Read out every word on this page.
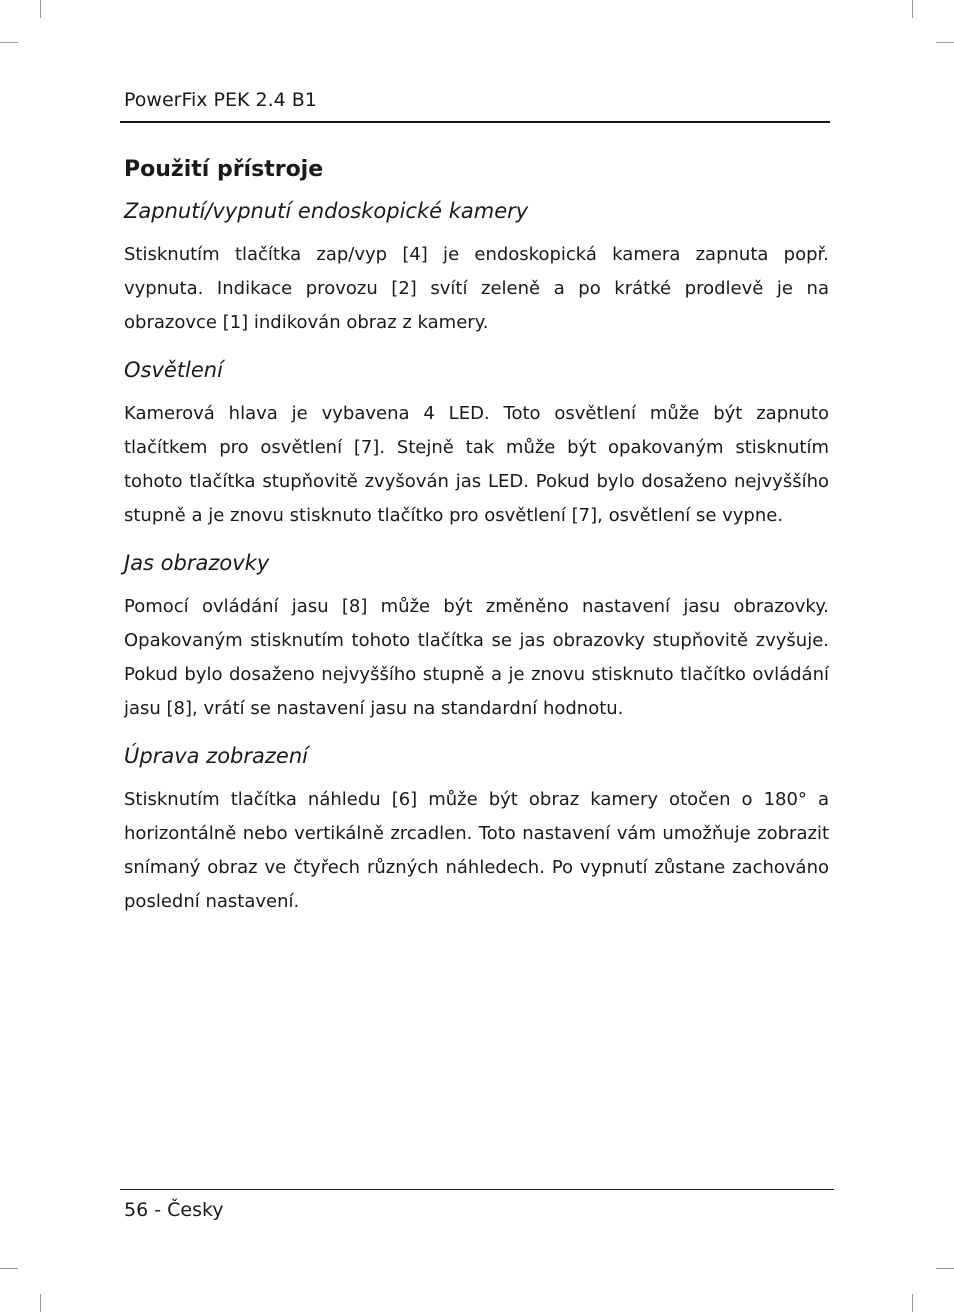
PowerFix PEK 2.4 B1
Použití přístroje
Zapnutí/vypnutí endoskopické kamery

Stisknutím tlačítka zap/vyp [4] je endoskopická kamera zapnuta popř. vypnuta. Indikace provozu [2] svítí zeleně a po krátké prodlevě je na obrazovce [1] indikován obraz z kamery.

Osvětlení

Kamerová hlava je vybavena 4 LED. Toto osvětlení může být zapnuto tlačítkem pro osvětlení [7]. Stejně tak může být opakovaným stisknutím tohoto tlačítka stupňovitě zvyšován jas LED. Pokud bylo dosaženo nejvyššího stupně a je znovu stisknuto tlačítko pro osvětlení [7], osvětlení se vypne.

Jas obrazovky

Pomocí ovládání jasu [8] může být změněno nastavení jasu obrazovky. Opakovaným stisknutím tohoto tlačítka se jas obrazovky stupňovitě zvyšuje. Pokud bylo dosaženo nejvyššího stupně a je znovu stisknuto tlačítko ovládání jasu [8], vrátí se nastavení jasu na standardní hodnotu.

Úprava zobrazení

Stisknutím tlačítka náhledu [6] může být obraz kamery otočen o 180° a horizontálně nebo vertikálně zrcadlen. Toto nastavení vám umožňuje zobrazit snímaný obraz ve čtyřech různých náhledech. Po vypnutí zůstane zachováno poslední nastavení.

56 - Česky
